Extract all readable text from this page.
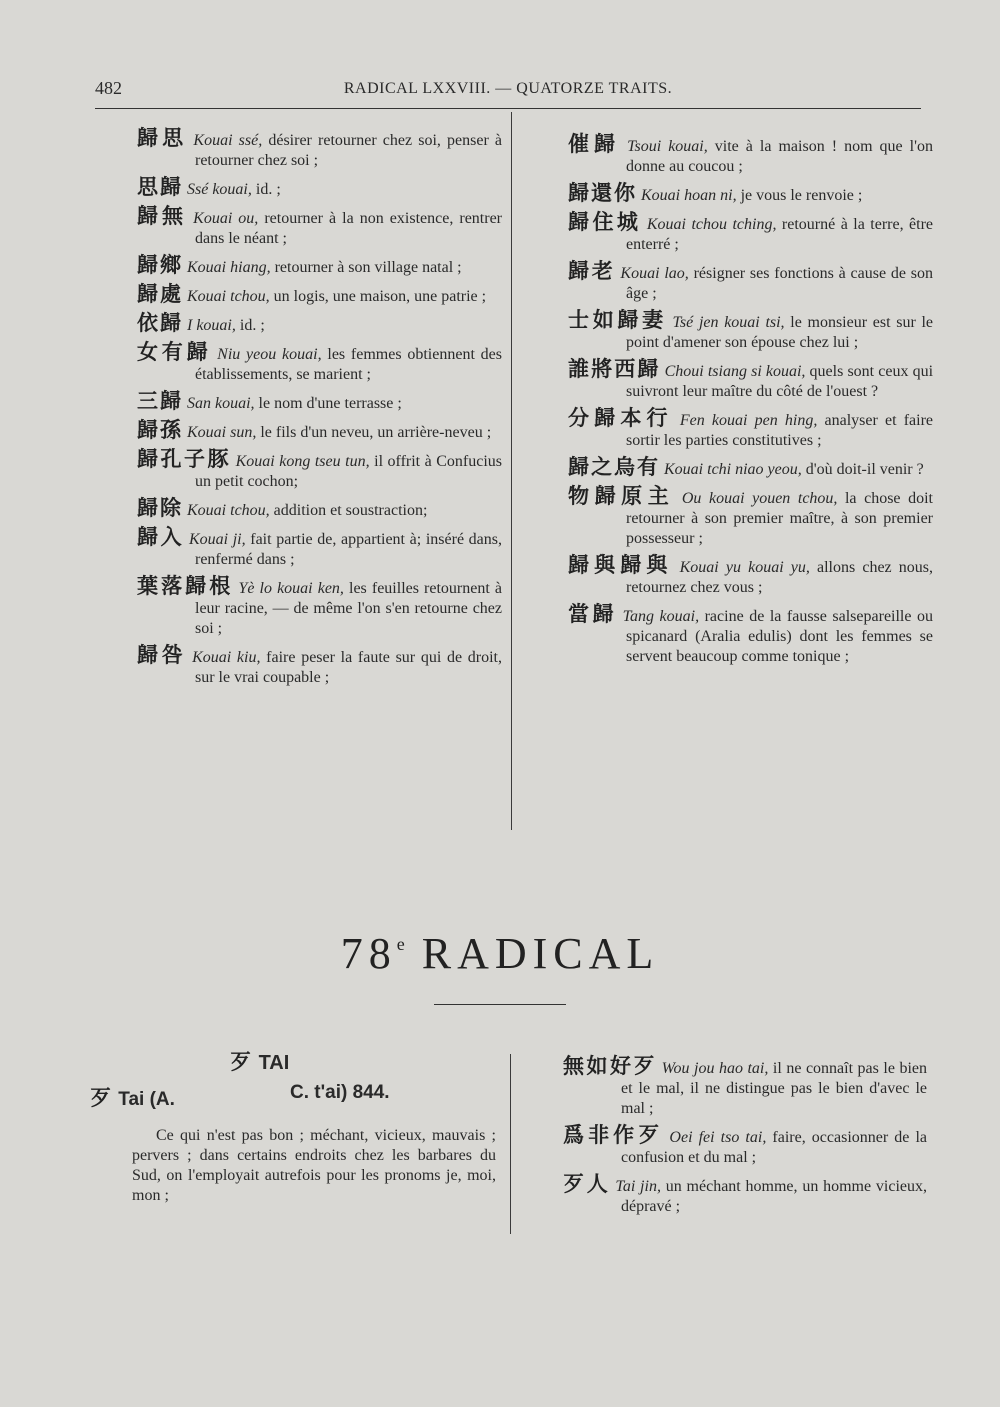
482	RADICAL LXXVIII. — QUATORZE TRAITS.
歸思 Kouai ssé, désirer retourner chez soi, penser à retourner chez soi ;
思歸 Ssé kouai, id. ;
歸無 Kouai ou, retourner à la non existence, rentrer dans le néant ;
歸鄉 Kouai hiang, retourner à son village natal ;
歸處 Kouai tchou, un logis, une maison, une patrie ;
依歸 I kouai, id. ;
女有歸 Niu yeou kouai, les femmes obtiennent des établissements, se marient ;
三歸 San kouai, le nom d'une terrasse ;
歸孫 Kouai sun, le fils d'un neveu, un arrière-neveu ;
歸孔子豚 Kouai kong tseu tun, il offrit à Confucius un petit cochon;
歸除 Kouai tchou, addition et soustraction;
歸入 Kouai ji, fait partie de, appartient à; inséré dans, renfermé dans ;
葉落歸根 Yè lo kouai ken, les feuilles retournent à leur racine, — de même l'on s'en retourne chez soi ;
歸咎 Kouai kiu, faire peser la faute sur qui de droit, sur le vrai coupable ;
催歸 Tsoui kouai, vite à la maison ! nom que l'on donne au coucou ;
歸還你 Kouai hoan ni, je vous le renvoie ;
歸住城 Kouai tchou tching, retourné à la terre, être enterré ;
歸老 Kouai lao, résigner ses fonctions à cause de son âge ;
士如歸妻 Tsé jen kouai tsi, le monsieur est sur le point d'amener son épouse chez lui ;
誰將西歸 Choui tsiang si kouai, quels sont ceux qui suivront leur maître du côté de l'ouest ?
分歸本行 Fen kouai pen hing, analyser et faire sortir les parties constitutives ;
歸之烏有 Kouai tchi niao yeou, d'où doit-il venir ?
物歸原主 Ou kouai youen tchou, la chose doit retourner à son premier maître, à son premier possesseur ;
歸與歸與 Kouai yu kouai yu, allons chez nous, retournez chez vous ;
當歸 Tang kouai, racine de la fausse salsepareille ou spicanard (Aralia edulis) dont les femmes se servent beaucoup comme tonique ;
78e RADICAL
歹 TAI
歹 Tai (A.	C. t'ai) 844.
Ce qui n'est pas bon ; méchant, vicieux, mauvais ; pervers ; dans certains endroits chez les barbares du Sud, on l'employait autrefois pour les pronoms je, moi, mon ;
無如好歹 Wou jou hao tai, il ne connaît pas le bien et le mal, il ne distingue pas le bien d'avec le mal ;
爲非作歹 Oei fei tso tai, faire, occasionner de la confusion et du mal ;
歹人 Tai jin, un méchant homme, un homme vicieux, dépravé ;
